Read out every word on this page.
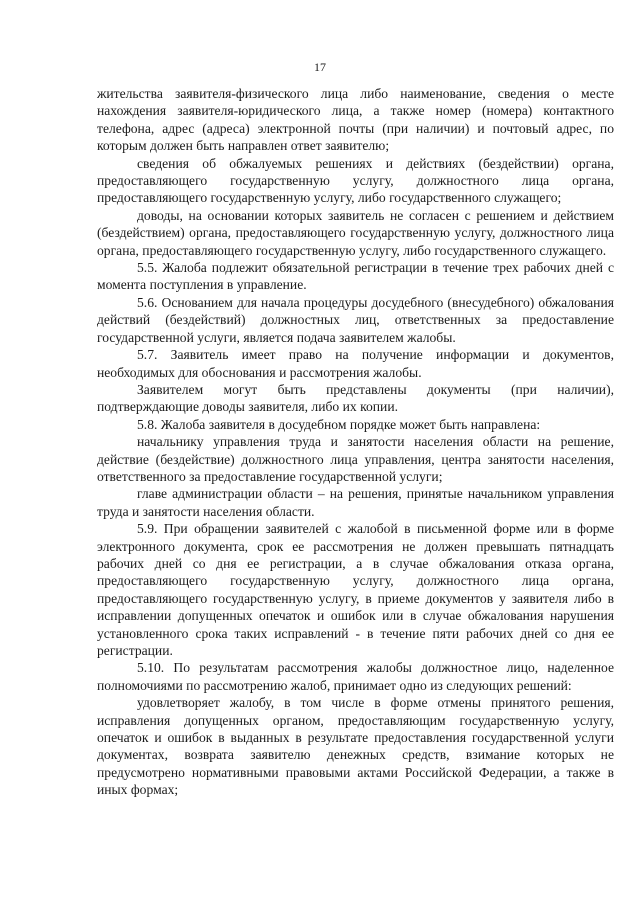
17

жительства заявителя-физического лица либо наименование, сведения о месте нахождения заявителя-юридического лица, а также номер (номера) контактного телефона, адрес (адреса) электронной почты (при наличии) и почтовый адрес, по которым должен быть направлен ответ заявителю;

сведения об обжалуемых решениях и действиях (бездействии) органа, предоставляющего государственную услугу, должностного лица органа, предоставляющего государственную услугу, либо государственного служащего;

доводы, на основании которых заявитель не согласен с решением и действием (бездействием) органа, предоставляющего государственную услугу, должностного лица органа, предоставляющего государственную услугу, либо государственного служащего.

5.5. Жалоба подлежит обязательной регистрации в течение трех рабочих дней с момента поступления в управление.

5.6. Основанием для начала процедуры досудебного (внесудебного) обжалования действий (бездействий) должностных лиц, ответственных за предоставление государственной услуги, является подача заявителем жалобы.

5.7. Заявитель имеет право на получение информации и документов, необходимых для обоснования и рассмотрения жалобы.

Заявителем могут быть представлены документы (при наличии), подтверждающие доводы заявителя, либо их копии.

5.8. Жалоба заявителя в досудебном порядке может быть направлена:

начальнику управления труда и занятости населения области на решение, действие (бездействие) должностного лица управления, центра занятости населения, ответственного за предоставление государственной услуги;

главе администрации области – на решения, принятые начальником управления труда и занятости населения области.

5.9. При обращении заявителей с жалобой в письменной форме или в форме электронного документа, срок ее рассмотрения не должен превышать пятнадцать рабочих дней со дня ее регистрации, а в случае обжалования отказа органа, предоставляющего государственную услугу, должностного лица органа, предоставляющего государственную услугу, в приеме документов у заявителя либо в исправлении допущенных опечаток и ошибок или в случае обжалования нарушения установленного срока таких исправлений - в течение пяти рабочих дней со дня ее регистрации.

5.10. По результатам рассмотрения жалобы должностное лицо, наделенное полномочиями по рассмотрению жалоб, принимает одно из следующих решений:

удовлетворяет жалобу, в том числе в форме отмены принятого решения, исправления допущенных органом, предоставляющим государственную услугу, опечаток и ошибок в выданных в результате предоставления государственной услуги документах, возврата заявителю денежных средств, взимание которых не предусмотрено нормативными правовыми актами Российской Федерации, а также в иных формах;
